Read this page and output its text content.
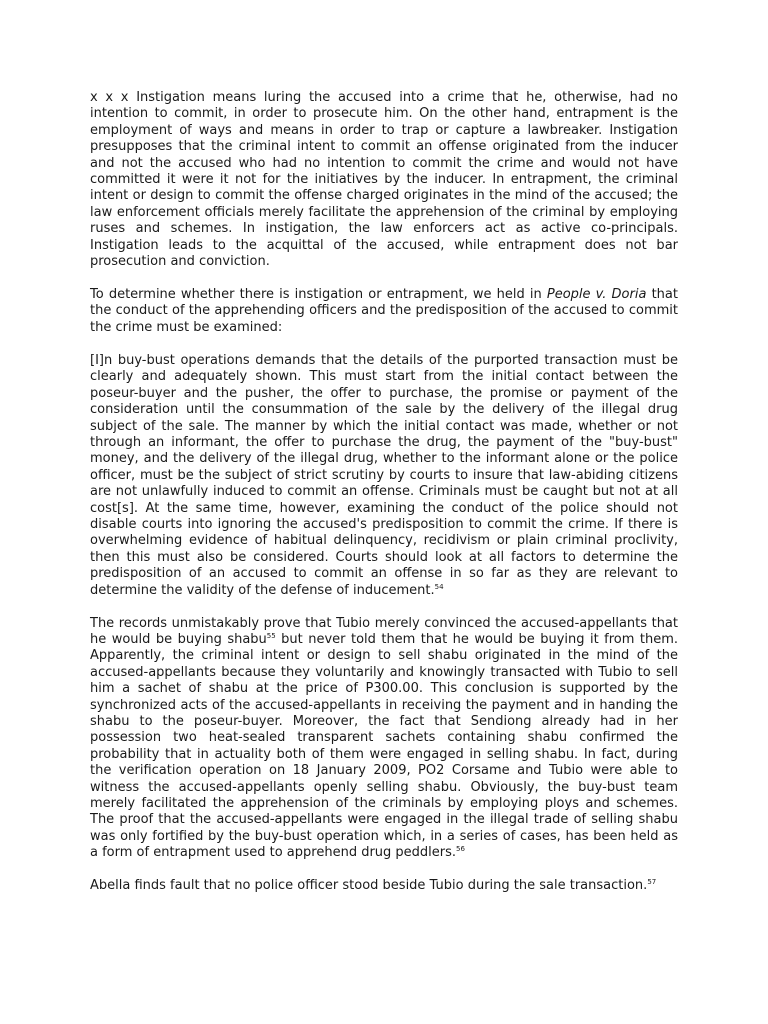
x x x Instigation means luring the accused into a crime that he, otherwise, had no intention to commit, in order to prosecute him. On the other hand, entrapment is the employment of ways and means in order to trap or capture a lawbreaker. Instigation presupposes that the criminal intent to commit an offense originated from the inducer and not the accused who had no intention to commit the crime and would not have committed it were it not for the initiatives by the inducer. In entrapment, the criminal intent or design to commit the offense charged originates in the mind of the accused; the law enforcement officials merely facilitate the apprehension of the criminal by employing ruses and schemes. In instigation, the law enforcers act as active co-principals. Instigation leads to the acquittal of the accused, while entrapment does not bar prosecution and conviction.

To determine whether there is instigation or entrapment, we held in People v. Doria that the conduct of the apprehending officers and the predisposition of the accused to commit the crime must be examined:

[I]n buy-bust operations demands that the details of the purported transaction must be clearly and adequately shown. This must start from the initial contact between the poseur-buyer and the pusher, the offer to purchase, the promise or payment of the consideration until the consummation of the sale by the delivery of the illegal drug subject of the sale. The manner by which the initial contact was made, whether or not through an informant, the offer to purchase the drug, the payment of the "buy-bust" money, and the delivery of the illegal drug, whether to the informant alone or the police officer, must be the subject of strict scrutiny by courts to insure that law-abiding citizens are not unlawfully induced to commit an offense. Criminals must be caught but not at all cost[s]. At the same time, however, examining the conduct of the police should not disable courts into ignoring the accused's predisposition to commit the crime. If there is overwhelming evidence of habitual delinquency, recidivism or plain criminal proclivity, then this must also be considered. Courts should look at all factors to determine the predisposition of an accused to commit an offense in so far as they are relevant to determine the validity of the defense of inducement.$^{54}$

The records unmistakably prove that Tubio merely convinced the accused-appellants that he would be buying shabu$^{55}$ but never told them that he would be buying it from them. Apparently, the criminal intent or design to sell shabu originated in the mind of the accused-appellants because they voluntarily and knowingly transacted with Tubio to sell him a sachet of shabu at the price of P300.00. This conclusion is supported by the synchronized acts of the accused-appellants in receiving the payment and in handing the shabu to the poseur-buyer. Moreover, the fact that Sendiong already had in her possession two heat-sealed transparent sachets containing shabu confirmed the probability that in actuality both of them were engaged in selling shabu. In fact, during the verification operation on 18 January 2009, PO2 Corsame and Tubio were able to witness the accused-appellants openly selling shabu. Obviously, the buy-bust team merely facilitated the apprehension of the criminals by employing ploys and schemes. The proof that the accused-appellants were engaged in the illegal trade of selling shabu was only fortified by the buy-bust operation which, in a series of cases, has been held as a form of entrapment used to apprehend drug peddlers.$^{56}$

Abella finds fault that no police officer stood beside Tubio during the sale transaction.$^{57}$
